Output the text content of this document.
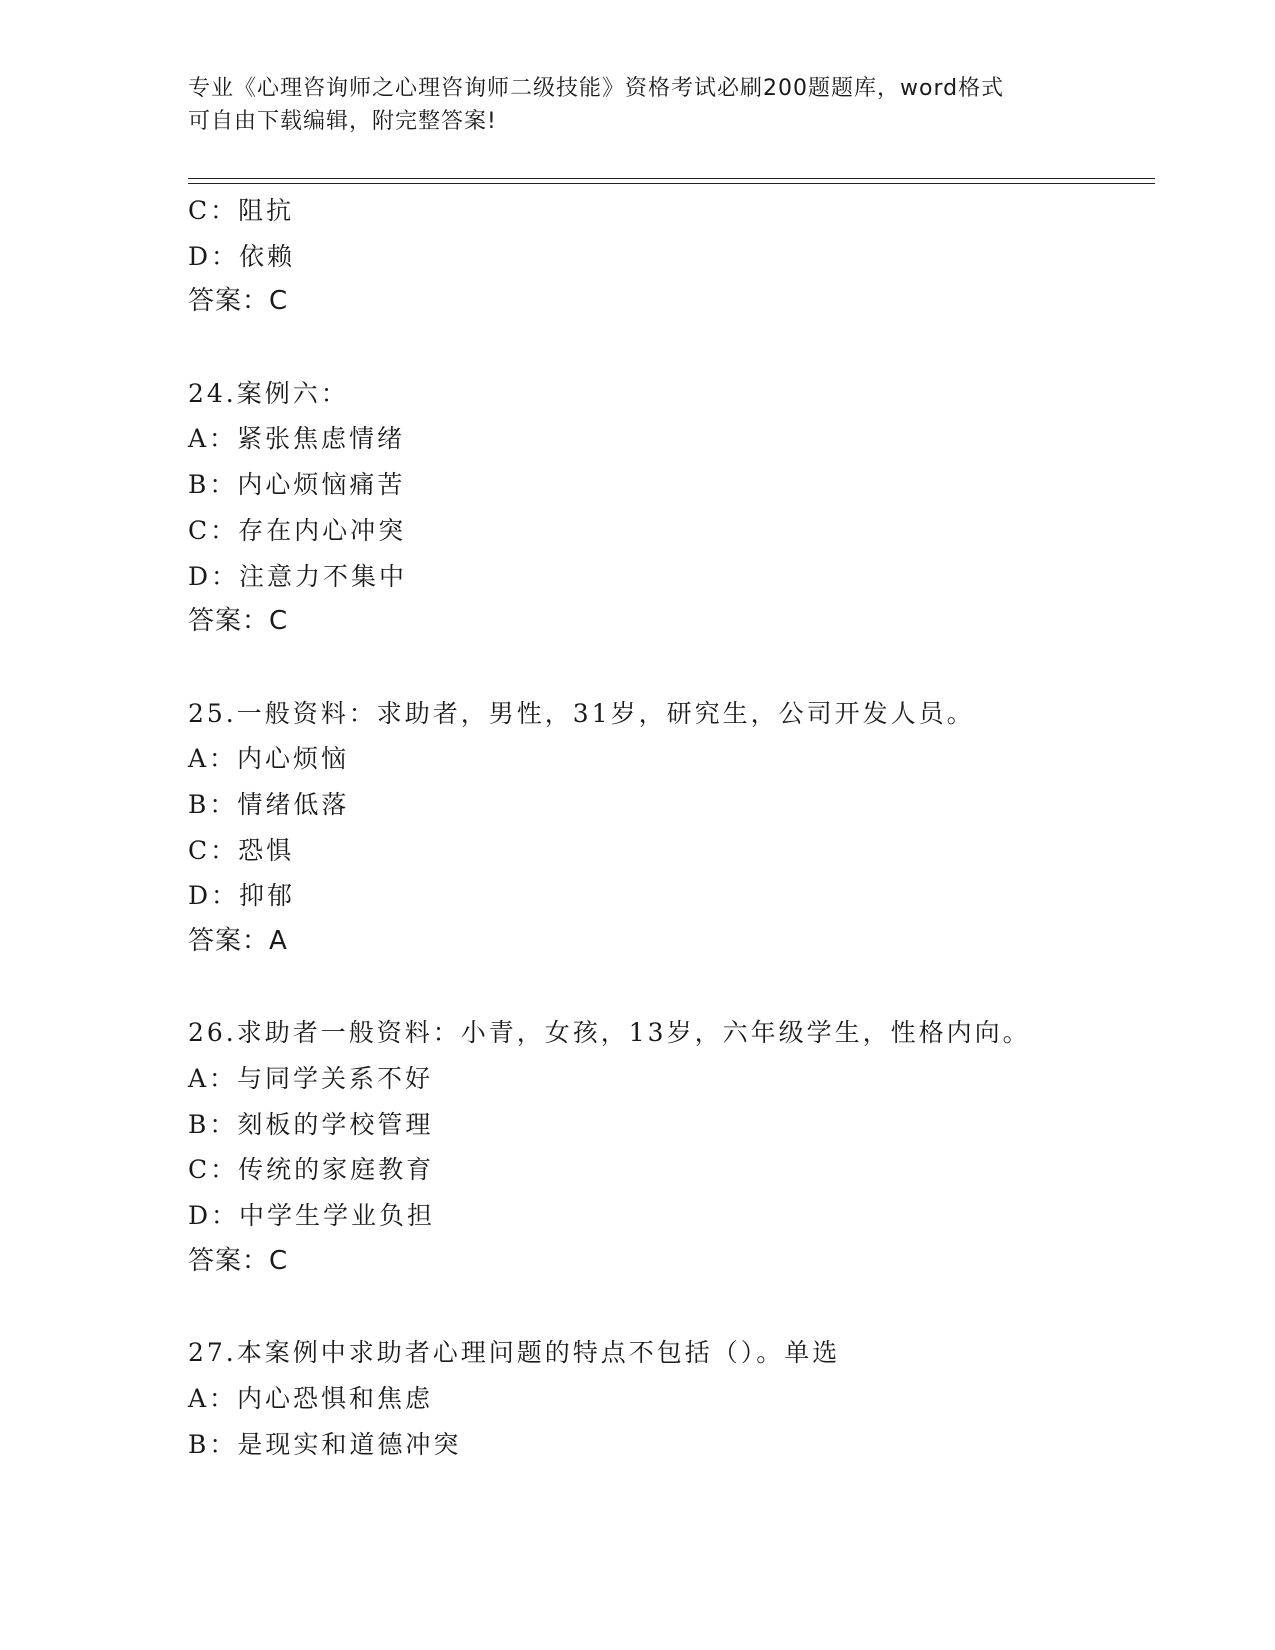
专业《心理咨询师之心理咨询师二级技能》资格考试必刷200题题库，word格式
可自由下载编辑，附完整答案!
C：阻抗
D：依赖
答案：C
24.案例六：
A：紧张焦虑情绪
B：内心烦恼痛苦
C：存在内心冲突
D：注意力不集中
答案：C
25.一般资料：求助者，男性，31岁，研究生，公司开发人员。
A：内心烦恼
B：情绪低落
C：恐惧
D：抑郁
答案：A
26.求助者一般资料：小青，女孩，13岁，六年级学生，性格内向。
A：与同学关系不好
B：刻板的学校管理
C：传统的家庭教育
D：中学生学业负担
答案：C
27.本案例中求助者心理问题的特点不包括（）。单选
A：内心恐惧和焦虑
B：是现实和道德冲突
